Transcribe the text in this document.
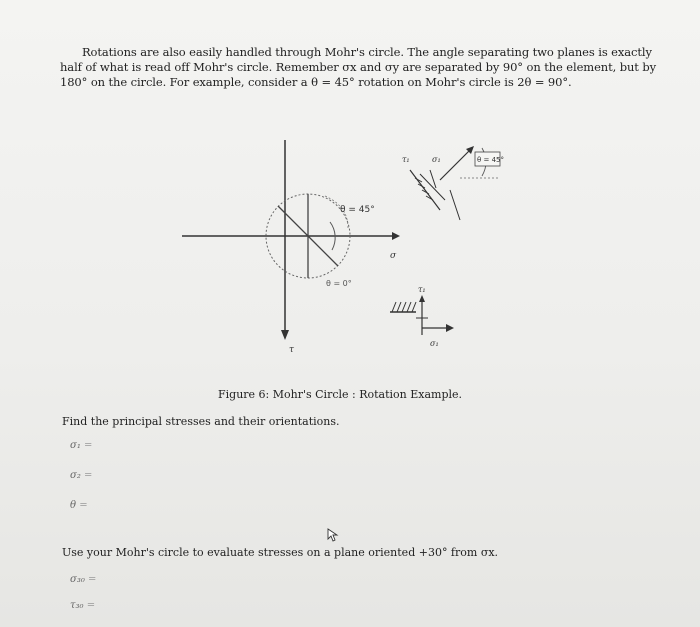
Rotations are also easily handled through Mohr's circle. The angle separating two planes is exactly
half of what is read off Mohr's circle. Remember σx and σy are separated by 90° on the element, but by
180° on the circle. For example, consider a θ = 45° rotation on Mohr's circle is 2θ = 90°.

θ = 45°
θ = 0°
σ
τ
τ₁	σ₁	θ = 45°
τ₁
σ₁

Figure 6: Mohr's Circle : Rotation Example.

Find the principal stresses and their orientations.

σ₁ =

σ₂ =

θ =

Use your Mohr's circle to evaluate stresses on a plane oriented +30° from σx.

σ₃₀ =

τ₃₀ =
